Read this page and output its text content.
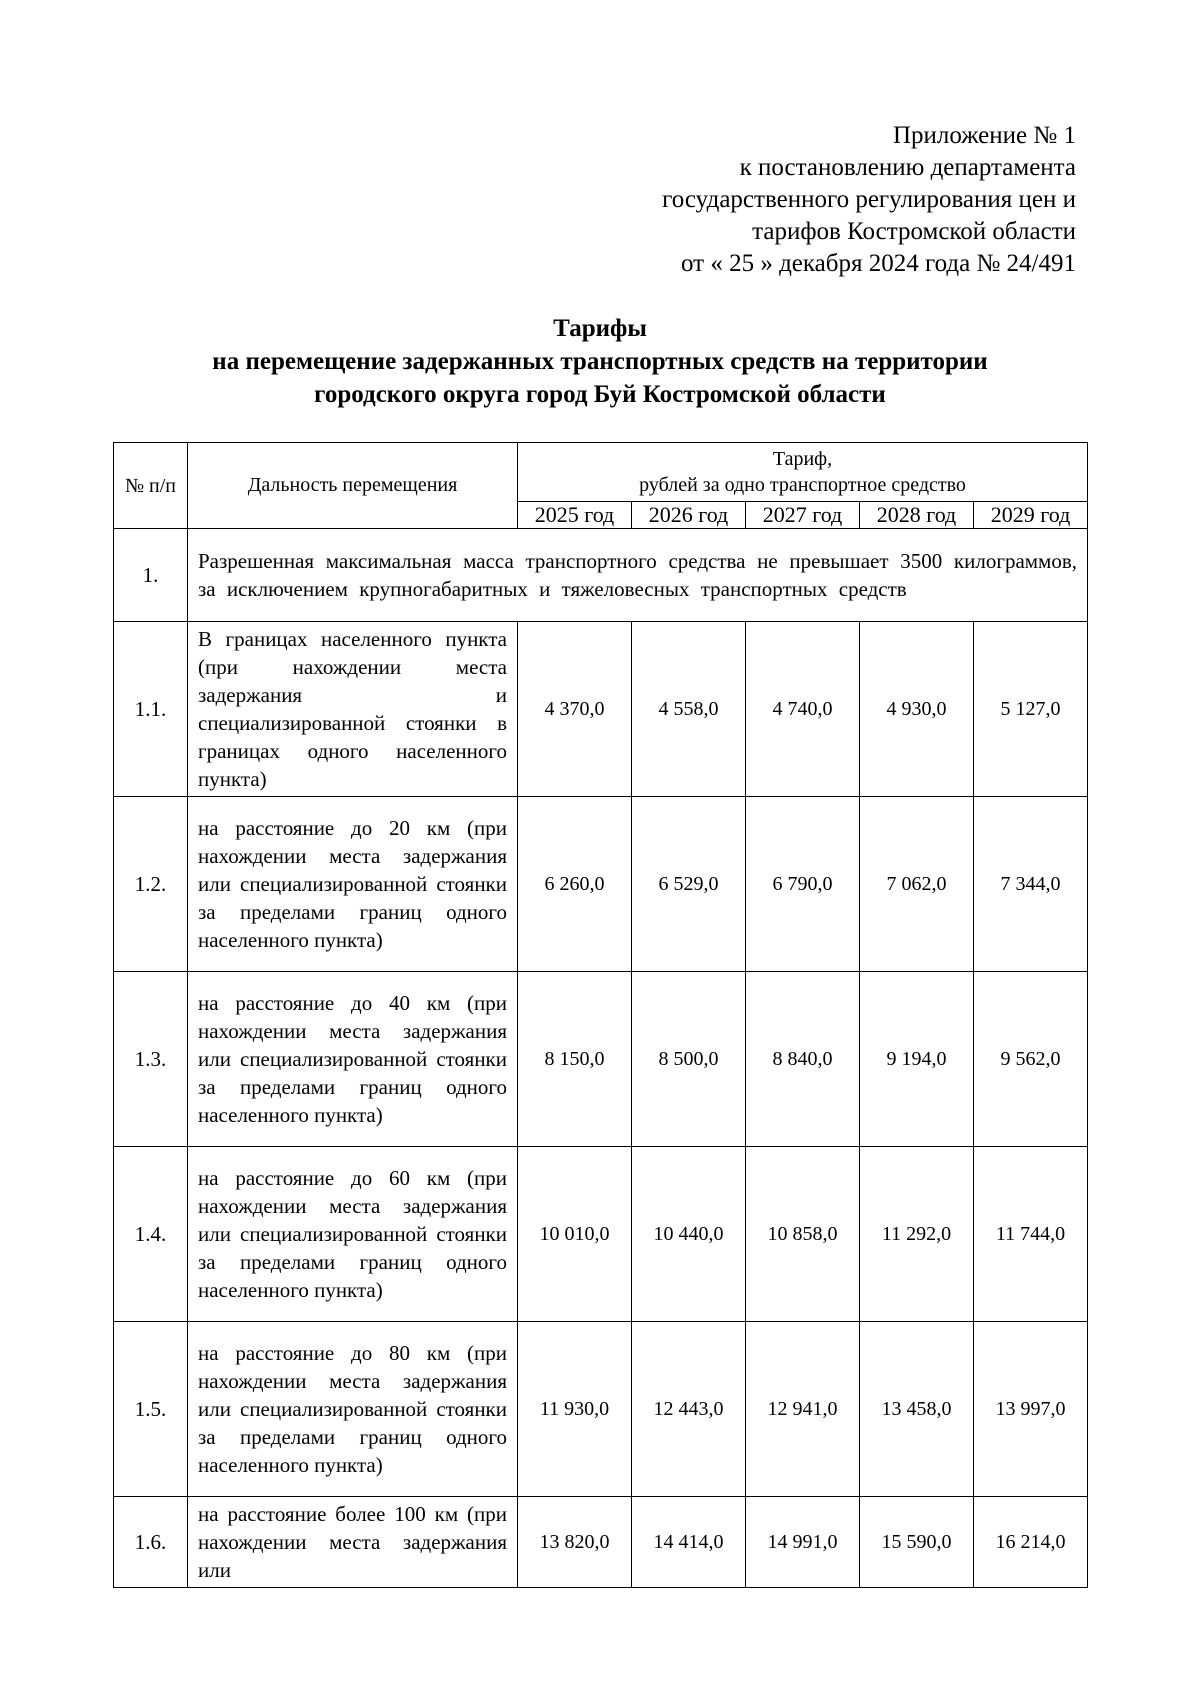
Приложение № 1
к постановлению департамента
государственного регулирования цен и
тарифов Костромской области
от « 25 » декабря 2024 года № 24/491
Тарифы
на перемещение задержанных транспортных средств на территории
городского округа город Буй Костромской области
№ п/п	Дальность перемещения	Тариф,
рублей за одно транспортное средство				

		2025 год	2026 год	2027 год	2028 год	2029 год
1.	Разрешенная максимальная масса транспортного средства не превышает 3500 килограммов, за исключением крупногабаритных и тяжеловесных транспортных средств					
1.1.	В границах населенного пункта (при нахождении места задержания и специализированной стоянки в границах одного населенного пункта)	4 370,0	4 558,0	4 740,0	4 930,0	5 127,0
1.2.	на расстояние до 20 км (при нахождении места задержания или специализированной стоянки за пределами границ одного населенного пункта)	6 260,0	6 529,0	6 790,0	7 062,0	7 344,0
1.3.	на расстояние до 40 км (при нахождении места задержания или специализированной стоянки за пределами границ одного населенного пункта)	8 150,0	8 500,0	8 840,0	9 194,0	9 562,0
1.4.	на расстояние до 60 км (при нахождении места задержания или специализированной стоянки за пределами границ одного населенного пункта)	10 010,0	10 440,0	10 858,0	11 292,0	11 744,0
1.5.	на расстояние до 80 км (при нахождении места задержания или специализированной стоянки за пределами границ одного населенного пункта)	11 930,0	12 443,0	12 941,0	13 458,0	13 997,0
1.6.	на расстояние более 100 км (при нахождении места задержания или	13 820,0	14 414,0	14 991,0	15 590,0	16 214,0
